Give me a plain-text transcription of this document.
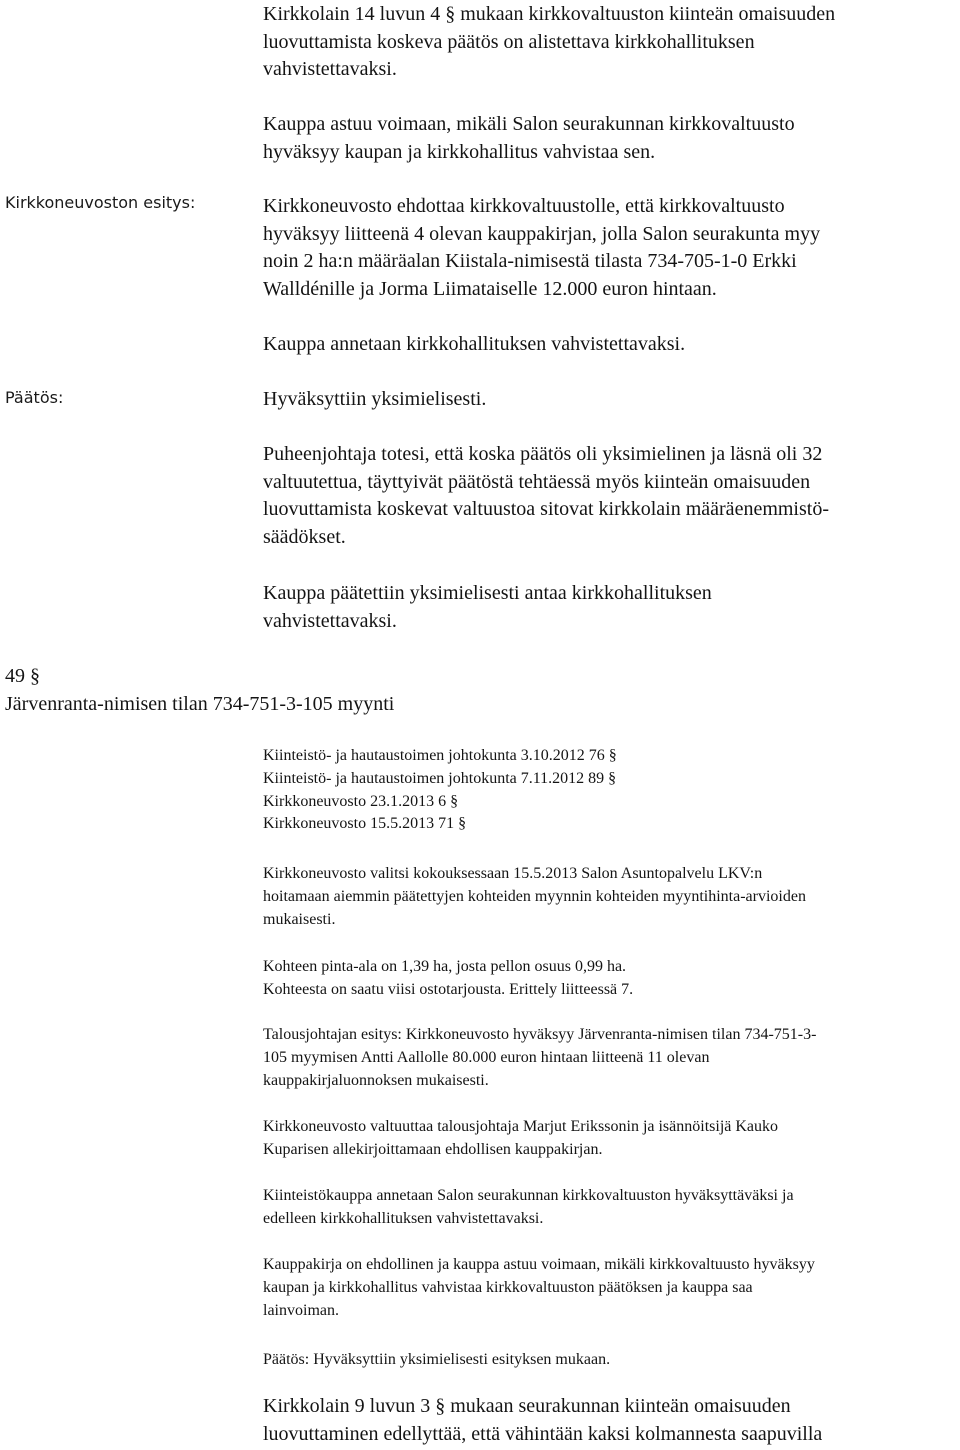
Kirkkolain 14 luvun 4 § mukaan kirkkovaltuuston kiinteän omaisuuden
luovuttamista koskeva päätös on alistettava kirkkohallituksen
vahvistettavaksi.

Kauppa astuu voimaan, mikäli Salon seurakunnan kirkkovaltuusto
hyväksyy kaupan ja kirkkohallitus vahvistaa sen.

Kirkkoneuvoston esitys:	Kirkkoneuvosto ehdottaa kirkkovaltuustolle, että kirkkovaltuusto
hyväksyy liitteenä 4 olevan kauppakirjan, jolla Salon seurakunta myy
noin 2 ha:n määräalan Kiistala-nimisestä tilasta 734-705-1-0 Erkki
Walldénille ja Jorma Liimataiselle 12.000 euron hintaan.

Kauppa annetaan kirkkohallituksen vahvistettavaksi.

Päätös:	Hyväksyttiin yksimielisesti.

Puheenjohtaja totesi, että koska päätös oli yksimielinen ja läsnä oli 32
valtuutettua, täyttyivät päätöstä tehtäessä myös kiinteän omaisuuden
luovuttamista koskevat valtuustoa sitovat kirkkolain määräenemmistö-
säädökset.

Kauppa päätettiin yksimielisesti antaa kirkkohallituksen
vahvistettavaksi.

49 §

Järvenranta-nimisen tilan 734-751-3-105 myynti

Kiinteistö- ja hautaustoimen johtokunta 3.10.2012 76 §
Kiinteistö- ja hautaustoimen johtokunta 7.11.2012 89 §
Kirkkoneuvosto 23.1.2013 6 §
Kirkkoneuvosto 15.5.2013 71 §

Kirkkoneuvosto valitsi kokouksessaan 15.5.2013 Salon Asuntopalvelu LKV:n
hoitamaan aiemmin päätettyjen kohteiden myynnin kohteiden myyntihinta-arvioiden
mukaisesti.

Kohteen pinta-ala on 1,39 ha, josta pellon osuus 0,99 ha.
Kohteesta on saatu viisi ostotarjousta. Erittely liitteessä 7.

Talousjohtajan esitys: Kirkkoneuvosto hyväksyy Järvenranta-nimisen tilan 734-751-3-
105 myymisen Antti Aallolle 80.000 euron hintaan liitteenä 11 olevan
kauppakirjaluonnoksen mukaisesti.

Kirkkoneuvosto valtuuttaa talousjohtaja Marjut Erikssonin ja isännöitsijä Kauko
Kuparisen allekirjoittamaan ehdollisen kauppakirjan.

Kiinteistökauppa annetaan Salon seurakunnan kirkkovaltuuston hyväksyttäväksi ja
edelleen kirkkohallituksen vahvistettavaksi.

Kauppakirja on ehdollinen ja kauppa astuu voimaan, mikäli kirkkovaltuusto hyväksyy
kaupan ja kirkkohallitus vahvistaa kirkkovaltuuston päätöksen ja kauppa saa
lainvoiman.

Päätös: Hyväksyttiin yksimielisesti esityksen mukaan.

Kirkkolain 9 luvun 3 § mukaan seurakunnan kiinteän omaisuuden
luovuttaminen edellyttää, että vähintään kaksi kolmannesta saapuvilla
